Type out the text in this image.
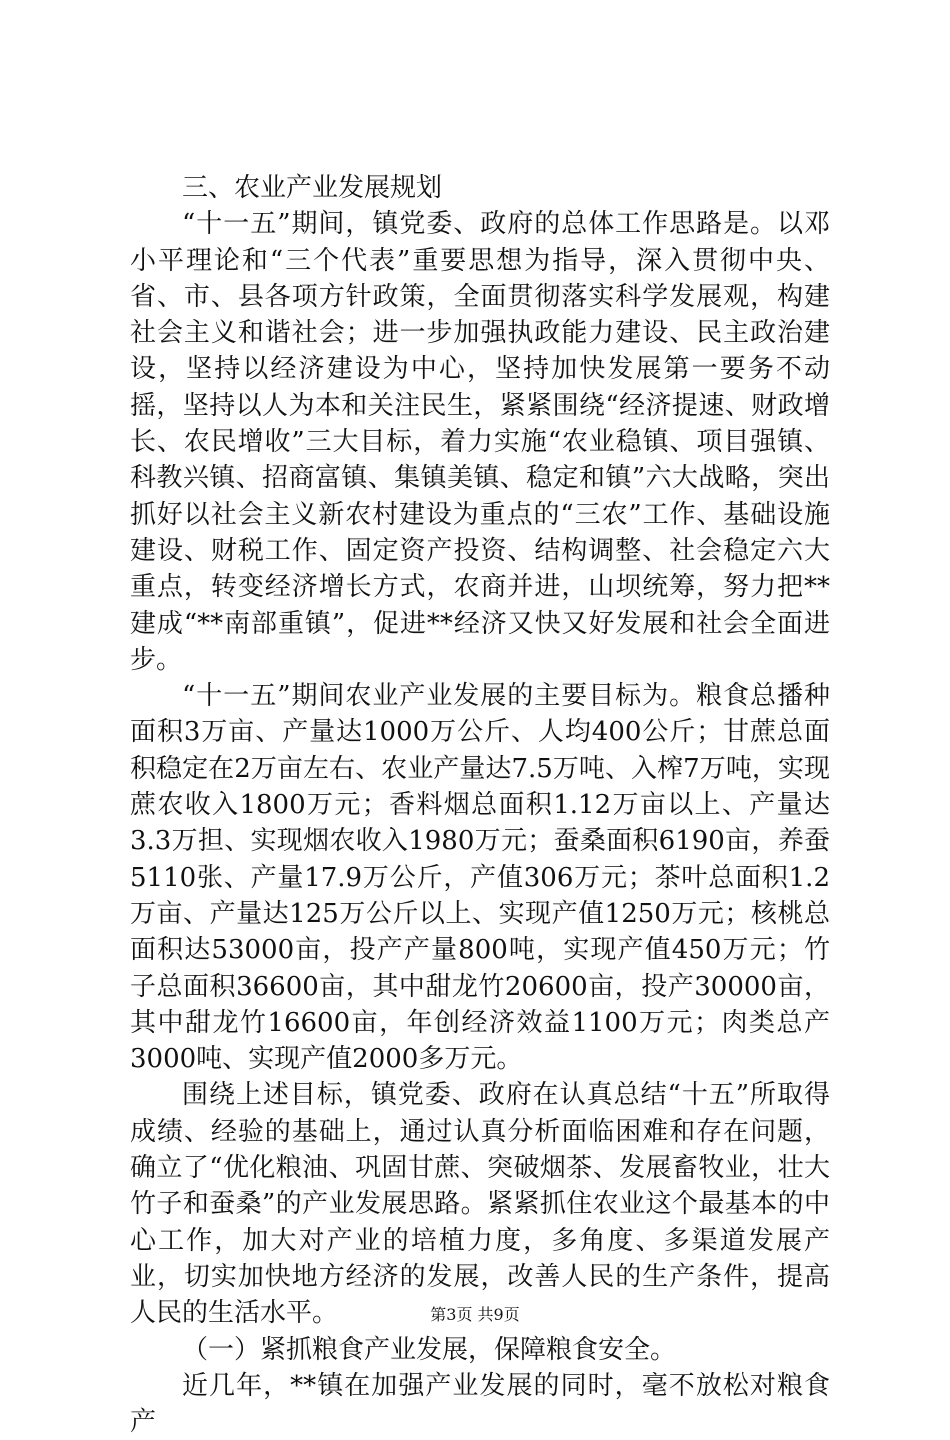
三、农业产业发展规划

“十一五”期间，镇党委、政府的总体工作思路是。以邓小平理论和“三个代表”重要思想为指导，深入贯彻中央、省、市、县各项方针政策，全面贯彻落实科学发展观，构建社会主义和谐社会；进一步加强执政能力建设、民主政治建设，坚持以经济建设为中心，坚持加快发展第一要务不动摇，坚持以人为本和关注民生，紧紧围绕“经济提速、财政增长、农民增收”三大目标，着力实施“农业稳镇、项目强镇、科教兴镇、招商富镇、集镇美镇、稳定和镇”六大战略，突出抓好以社会主义新农村建设为重点的“三农”工作、基础设施建设、财税工作、固定资产投资、结构调整、社会稳定六大重点，转变经济增长方式，农商并进，山坝统筹，努力把**建成“**南部重镇”，促进**经济又快又好发展和社会全面进步。

“十一五”期间农业产业发展的主要目标为。粮食总播种面积3万亩、产量达1000万公斤、人均400公斤；甘蔗总面积稳定在2万亩左右、农业产量达7.5万吨、入榨7万吨，实现蔗农收入1800万元；香料烟总面积1.12万亩以上、产量达3.3万担、实现烟农收入1980万元；蚕桑面积6190亩，养蚕5110张、产量17.9万公斤，产值306万元；茶叶总面积1.2万亩、产量达125万公斤以上、实现产值1250万元；核桃总面积达53000亩，投产产量800吨，实现产值450万元；竹子总面积36600亩，其中甜龙竹20600亩，投产30000亩，其中甜龙竹16600亩，年创经济效益1100万元；肉类总产3000吨、实现产值2000多万元。

围绕上述目标，镇党委、政府在认真总结“十五”所取得成绩、经验的基础上，通过认真分析面临困难和存在问题，确立了“优化粮油、巩固甘蔗、突破烟茶、发展畜牧业，壮大竹子和蚕桑”的产业发展思路。紧紧抓住农业这个最基本的中心工作，加大对产业的培植力度，多角度、多渠道发展产业，切实加快地方经济的发展，改善人民的生产条件，提高人民的生活水平。

（一）紧抓粮食产业发展，保障粮食安全。

近几年，**镇在加强产业发展的同时，毫不放松对粮食产

第3页 共9页
